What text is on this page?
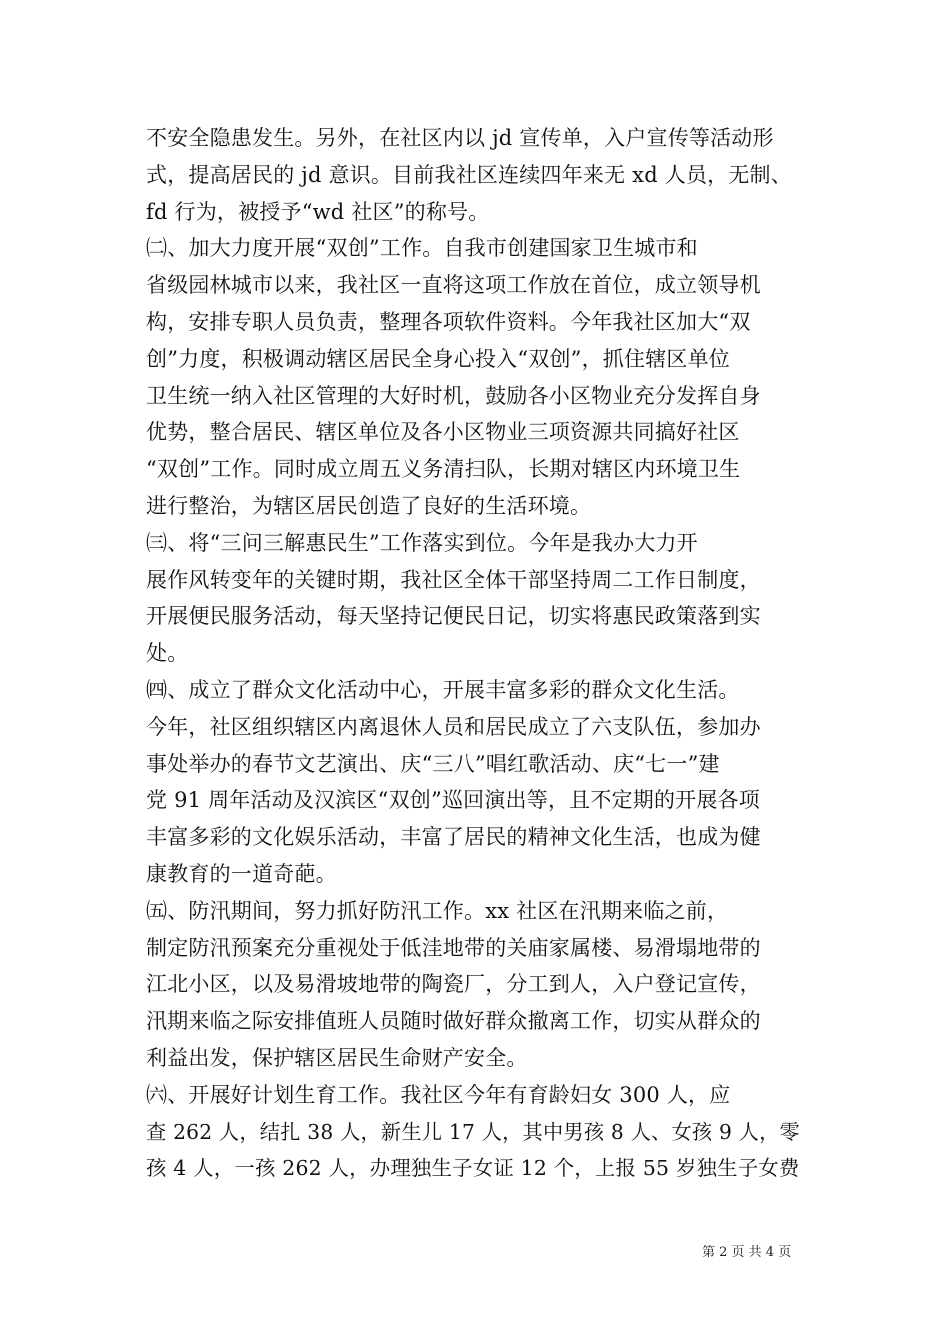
不安全隐患发生。另外，在社区内以 jd 宣传单，入户宣传等活动形
式，提高居民的 jd 意识。目前我社区连续四年来无 xd 人员，无制、
fd 行为，被授予“wd 社区”的称号。
㈡、加大力度开展“双创”工作。自我市创建国家卫生城市和
省级园林城市以来，我社区一直将这项工作放在首位，成立领导机
构，安排专职人员负责，整理各项软件资料。今年我社区加大“双
创”力度，积极调动辖区居民全身心投入“双创”，抓住辖区单位
卫生统一纳入社区管理的大好时机，鼓励各小区物业充分发挥自身
优势，整合居民、辖区单位及各小区物业三项资源共同搞好社区
“双创”工作。同时成立周五义务清扫队，长期对辖区内环境卫生
进行整治，为辖区居民创造了良好的生活环境。
㈢、将“三问三解惠民生”工作落实到位。今年是我办大力开
展作风转变年的关键时期，我社区全体干部坚持周二工作日制度，
开展便民服务活动，每天坚持记便民日记，切实将惠民政策落到实
处。
㈣、成立了群众文化活动中心，开展丰富多彩的群众文化生活。
今年，社区组织辖区内离退休人员和居民成立了六支队伍，参加办
事处举办的春节文艺演出、庆“三八”唱红歌活动、庆“七一”建
党 91 周年活动及汉滨区“双创”巡回演出等，且不定期的开展各项
丰富多彩的文化娱乐活动，丰富了居民的精神文化生活，也成为健
康教育的一道奇葩。
㈤、防汛期间，努力抓好防汛工作。xx 社区在汛期来临之前，
制定防汛预案充分重视处于低洼地带的关庙家属楼、易滑塌地带的
江北小区，以及易滑坡地带的陶瓷厂，分工到人，入户登记宣传，
汛期来临之际安排值班人员随时做好群众撤离工作，切实从群众的
利益出发，保护辖区居民生命财产安全。
㈥、开展好计划生育工作。我社区今年有育龄妇女 300 人，应
查 262 人，结扎 38 人，新生儿 17 人，其中男孩 8 人、女孩 9 人，零
孩 4 人，一孩 262 人，办理独生子女证 12 个，上报 55 岁独生子女费
第 2 页 共 4 页
